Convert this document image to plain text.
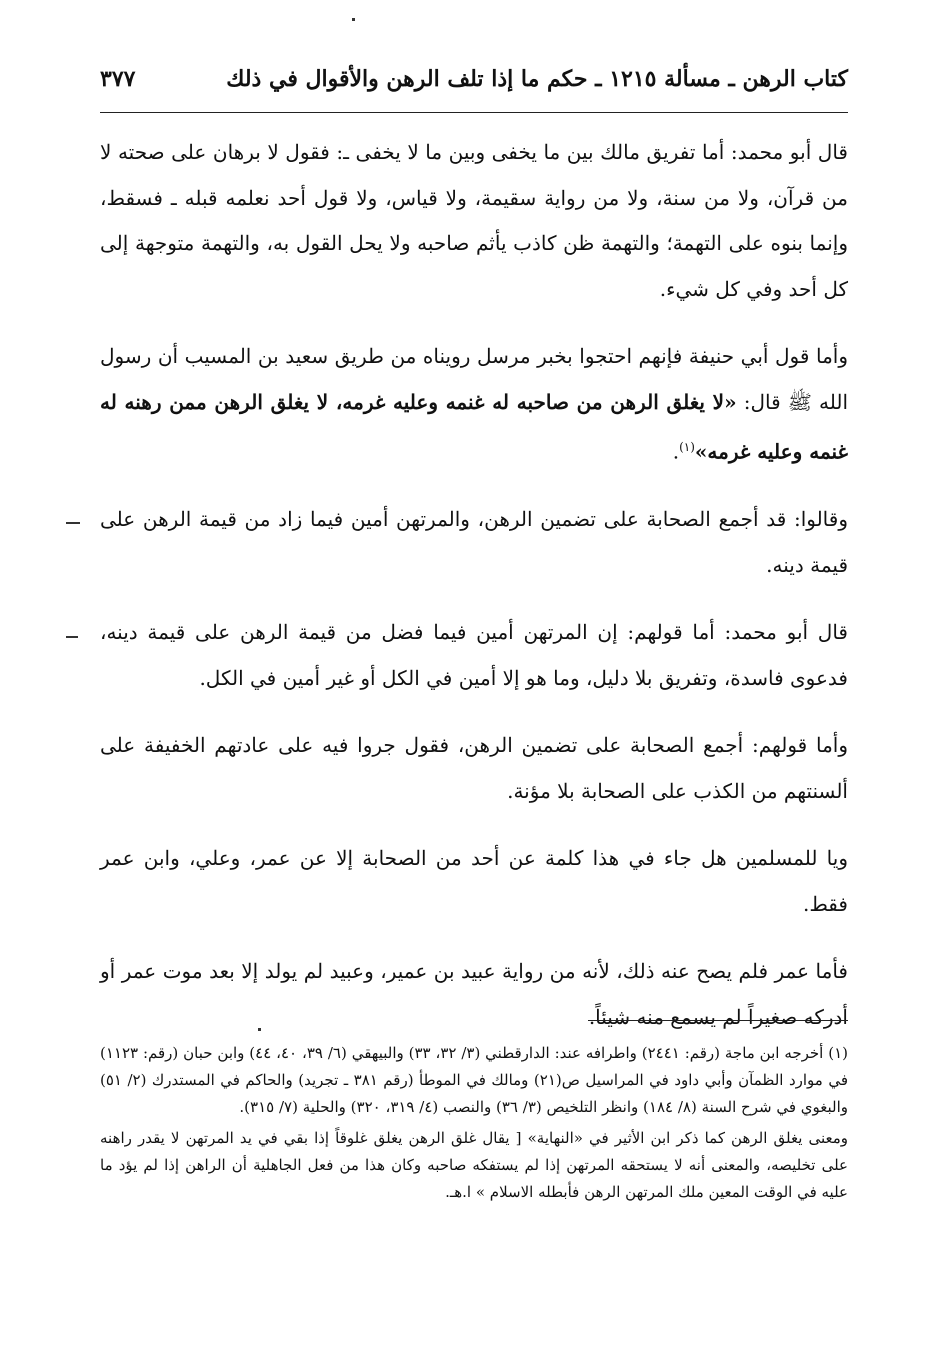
كتاب الرهن ـ مسألة ١٢١٥ ـ حكم ما إذا تلف الرهن والأقوال في ذلك
٣٧٧

قال أبو محمد: أما تفريق مالك بين ما يخفى وبين ما لا يخفى ـ: فقول لا برهان على صحته لا من قرآن، ولا من سنة، ولا من رواية سقيمة، ولا قياس، ولا قول أحد نعلمه قبله ـ فسقط، وإنما بنوه على التهمة؛ والتهمة ظن كاذب يأثم صاحبه ولا يحل القول به، والتهمة متوجهة إلى كل أحد وفي كل شيء.

وأما قول أبي حنيفة فإنهم احتجوا بخبر مرسل رويناه من طريق سعيد بن المسيب أن رسول الله ﷺ قال: «لا يغلق الرهن من صاحبه له غنمه وعليه غرمه، لا يغلق الرهن ممن رهنه له غنمه وعليه غرمه»$^{(١)}$.

وقالوا: قد أجمع الصحابة على تضمين الرهن، والمرتهن أمين فيما زاد من قيمة الرهن على قيمة دينه.

قال أبو محمد: أما قولهم: إن المرتهن أمين فيما فضل من قيمة الرهن على قيمة دينه، فدعوى فاسدة، وتفريق بلا دليل، وما هو إلا أمين في الكل أو غير أمين في الكل.

وأما قولهم: أجمع الصحابة على تضمين الرهن، فقول جروا فيه على عادتهم الخفيفة على ألسنتهم من الكذب على الصحابة بلا مؤنة.

ويا للمسلمين هل جاء في هذا كلمة عن أحد من الصحابة إلا عن عمر، وعلي، وابن عمر فقط.

فأما عمر فلم يصح عنه ذلك، لأنه من رواية عبيد بن عمير، وعبيد لم يولد إلا بعد موت عمر أو أدركه صغيراً لم يسمع منه شيئاً.

(١) أخرجه ابن ماجة (رقم: ٢٤٤١) واطرافه عند: الدارقطني (٣/ ٣٢، ٣٣) والبيهقي (٦/ ٣٩، ٤٠، ٤٤) وابن حبان (رقم: ١١٢٣) في موارد الظمآن وأبي داود في المراسيل ص(٢١) ومالك في الموطأ (رقم ٣٨١ ـ تجريد) والحاكم في المستدرك (٢/ ٥١) والبغوي في شرح السنة (٨/ ١٨٤) وانظر التلخيص (٣/ ٣٦) والنصب (٤/ ٣١٩، ٣٢٠) والحلية (٧/ ٣١٥).

ومعنى يغلق الرهن كما ذكر ابن الأثير في «النهاية» [ يقال غلق الرهن يغلق غلوقاً إذا بقي في يد المرتهن لا يقدر راهنه على تخليصه، والمعنى أنه لا يستحقه المرتهن إذا لم يستفكه صاحبه وكان هذا من فعل الجاهلية أن الراهن إذا لم يؤد ما عليه في الوقت المعين ملك المرتهن الرهن فأبطله الاسلام » ا.هـ.
